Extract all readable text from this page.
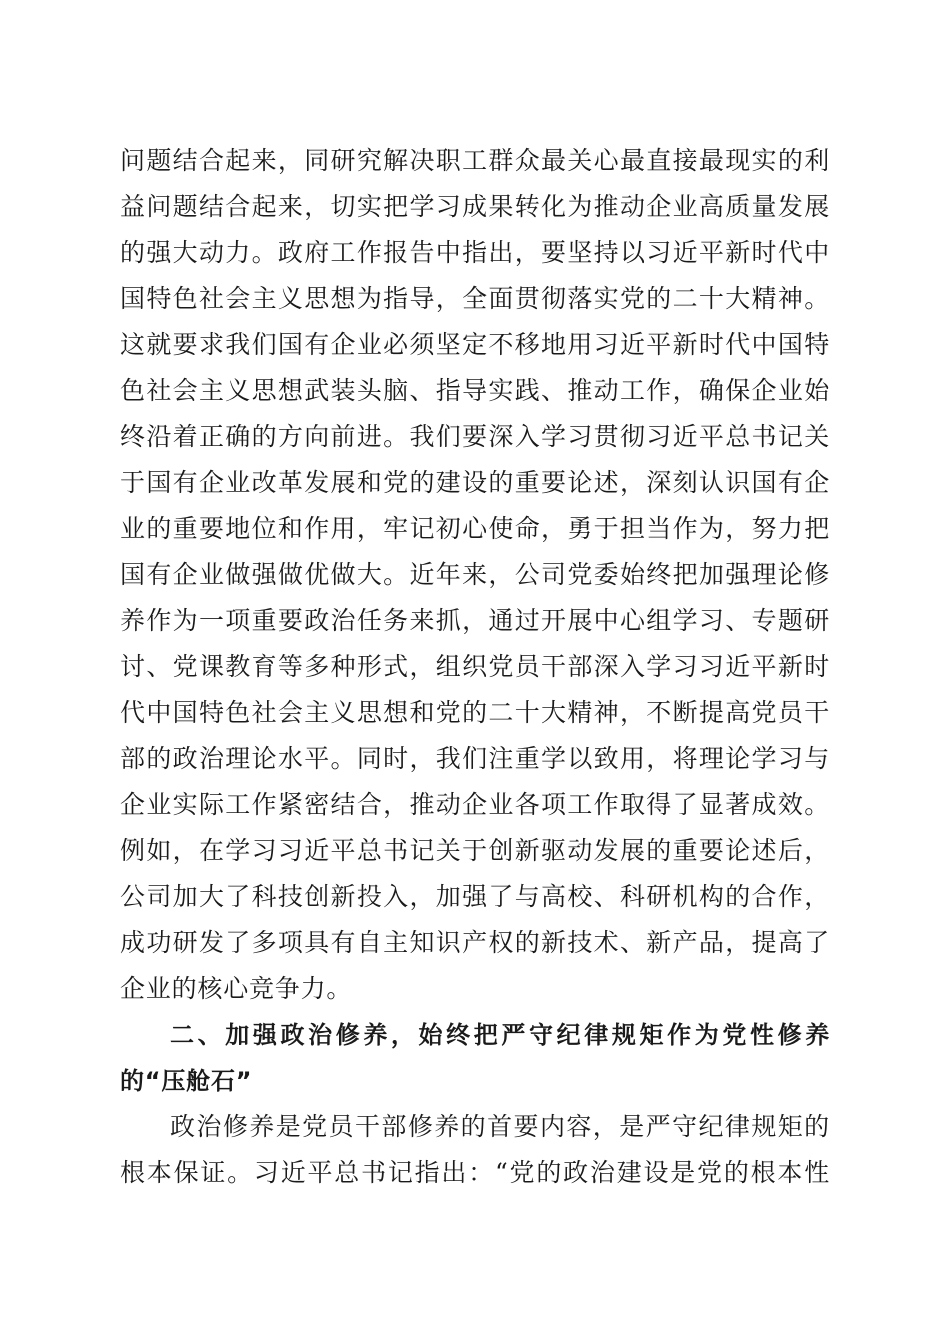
问题结合起来，同研究解决职工群众最关心最直接最现实的利
益问题结合起来，切实把学习成果转化为推动企业高质量发展
的强大动力。政府工作报告中指出，要坚持以习近平新时代中
国特色社会主义思想为指导，全面贯彻落实党的二十大精神。
这就要求我们国有企业必须坚定不移地用习近平新时代中国特
色社会主义思想武装头脑、指导实践、推动工作，确保企业始
终沿着正确的方向前进。我们要深入学习贯彻习近平总书记关
于国有企业改革发展和党的建设的重要论述，深刻认识国有企
业的重要地位和作用，牢记初心使命，勇于担当作为，努力把
国有企业做强做优做大。近年来，公司党委始终把加强理论修
养作为一项重要政治任务来抓，通过开展中心组学习、专题研
讨、党课教育等多种形式，组织党员干部深入学习习近平新时
代中国特色社会主义思想和党的二十大精神，不断提高党员干
部的政治理论水平。同时，我们注重学以致用，将理论学习与
企业实际工作紧密结合，推动企业各项工作取得了显著成效。
例如，在学习习近平总书记关于创新驱动发展的重要论述后，
公司加大了科技创新投入，加强了与高校、科研机构的合作，
成功研发了多项具有自主知识产权的新技术、新产品，提高了
企业的核心竞争力。
二、加强政治修养，始终把严守纪律规矩作为党性修养
的“压舱石”
政治修养是党员干部修养的首要内容，是严守纪律规矩的
根本保证。习近平总书记指出：“党的政治建设是党的根本性
